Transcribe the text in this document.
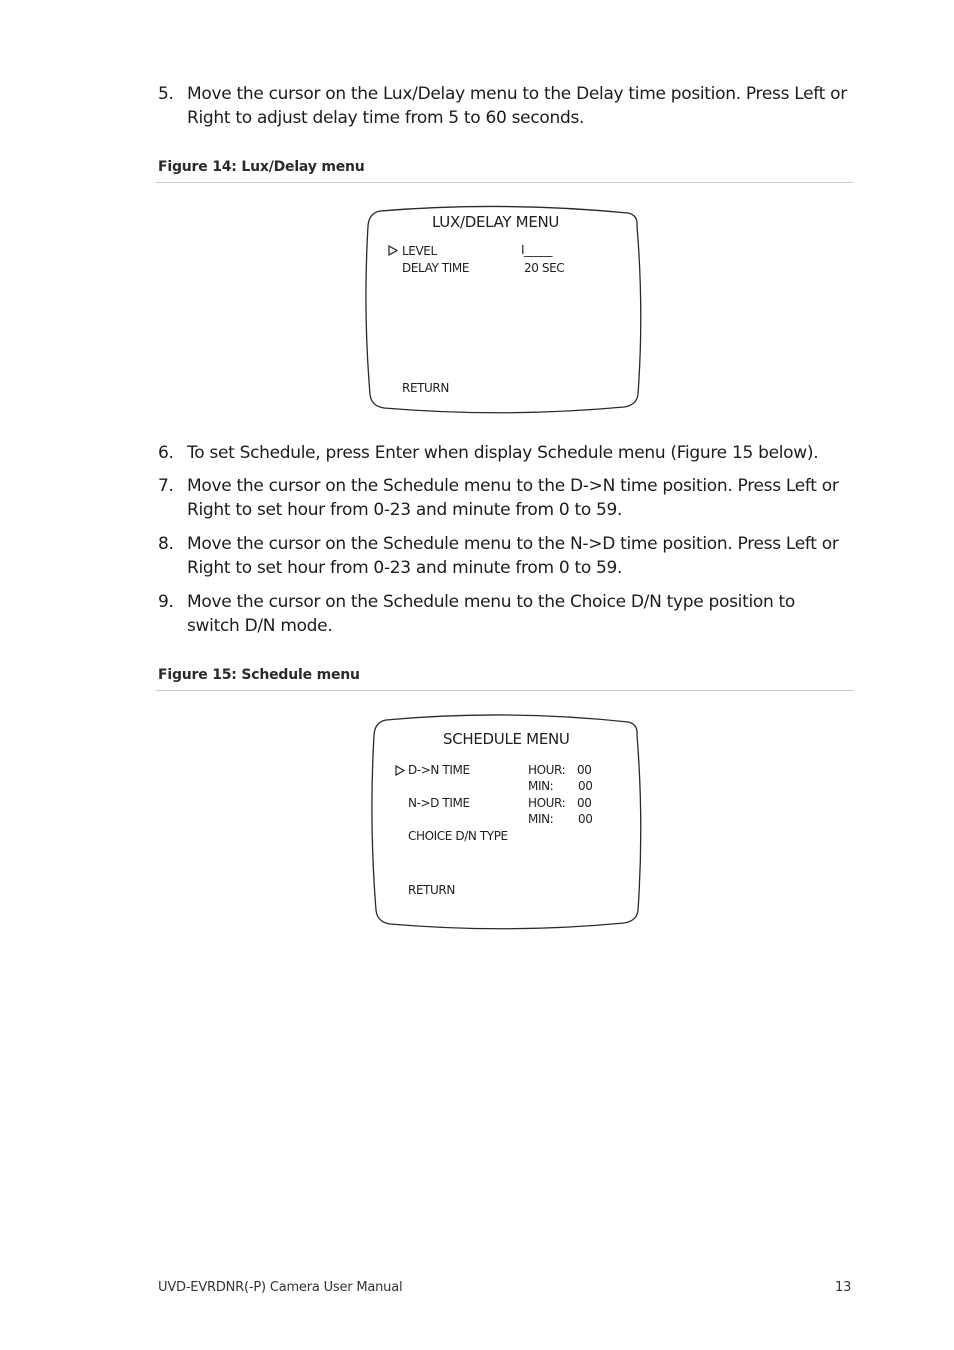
5. Move the cursor on the Lux/Delay menu to the Delay time position. Press Left or Right to adjust delay time from 5 to 60 seconds.
Figure 14: Lux/Delay menu
LUX/DELAY MENU
LEVEL	I_____
DELAY TIME	20 SEC
RETURN
6. To set Schedule, press Enter when display Schedule menu (Figure 15 below).
7. Move the cursor on the Schedule menu to the D->N time position. Press Left or Right to set hour from 0-23 and minute from 0 to 59.
8. Move the cursor on the Schedule menu to the N->D time position. Press Left or Right to set hour from 0-23 and minute from 0 to 59.
9. Move the cursor on the Schedule menu to the Choice D/N type position to switch D/N mode.
Figure 15: Schedule menu
SCHEDULE MENU
D->N TIME	HOUR: 00
MIN: 00
N->D TIME	HOUR: 00
MIN: 00
CHOICE D/N TYPE
RETURN
UVD-EVRDNR(-P) Camera User Manual	13
